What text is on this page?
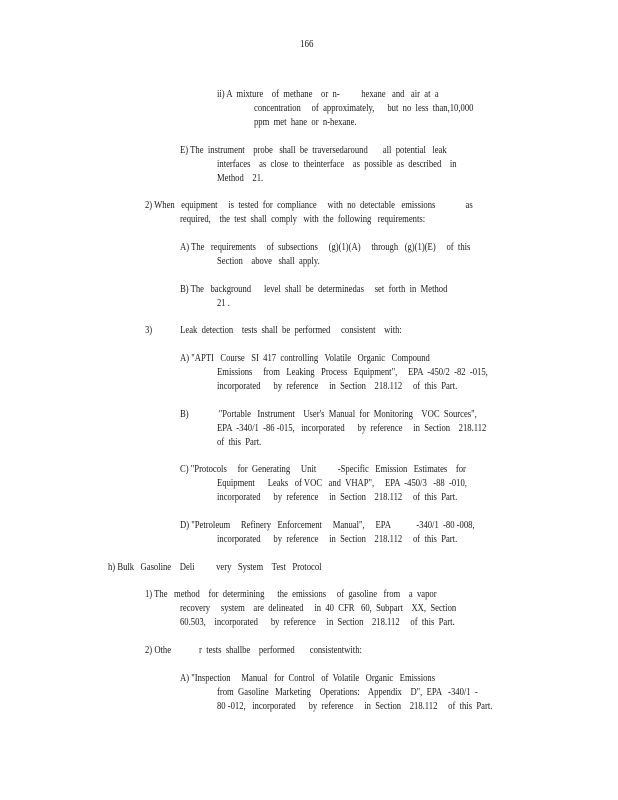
166
ii) A  mixture    of  methane    or  n-          hexane   and   air  at  a
concentration     of  approximately,      but  no  less  than,10,000
ppm  met  hane  or  n-hexane.
E) The  instrument    probe   shall  be  traversedaround       all  potential   leak
interfaces    as  close  to  theinterface    as  possible  as  described    in
Method    21.
2) When   equipment     is  tested  for  compliance     with  no  detectable   emissions              as
required,    the  test  shall  comply   with  the  following   requirements:
A) The   requirements     of  subsections     (g)(1)(A)     through   (g)(1)(E)     of  this
Section    above   shall  apply.
B) The   background      level  shall  be  determinedas     set  forth  in  Method
21 .
3)             Leak  detection    tests  shall  be  performed     consistent    with:
A) "APTI   Course   SI  417  controlling   Volatile   Organic   Compound
Emissions     from   Leaking   Process   Equipment",     EPA  -450/2  -82  -015,
incorporated      by  reference     in  Section    218.112     of  this  Part.
B)              "Portable   Instrument    User's  Manual  for  Monitoring    VOC  Sources",
EPA  -340/1  -86 -015,   incorporated      by  reference     in  Section    218.112
of  this  Part.
C) "Protocols     for  Generating     Unit          -Specific   Emission   Estimates    for
Equipment      Leaks   of VOC   and  VHAP",     EPA  -450/3   -88  -010,
incorporated      by  reference     in  Section    218.112     of  this  Part.
D) "Petroleum     Refinery   Enforcement     Manual",     EPA            -340/1  -80 -008,
incorporated      by  reference     in  Section    218.112     of  this  Part.
h) Bulk   Gasoline    Deli          very   System    Test   Protocol
1) The   method    for  determining      the  emissions     of  gasoline   from    a  vapor
recovery     system    are  delineated     in  40  CFR   60,  Subpart    XX,  Section
60.503,    incorporated      by  reference     in  Section    218.112     of  this  Part.
2) Othe             r  tests  shallbe    performed       consistentwith:
A) "Inspection     Manual   for  Control   of  Volatile   Organic   Emissions
from  Gasoline   Marketing    Operations:    Appendix    D",  EPA   -340/1  -
80 -012,   incorporated      by  reference     in  Section    218.112     of  this  Part.
